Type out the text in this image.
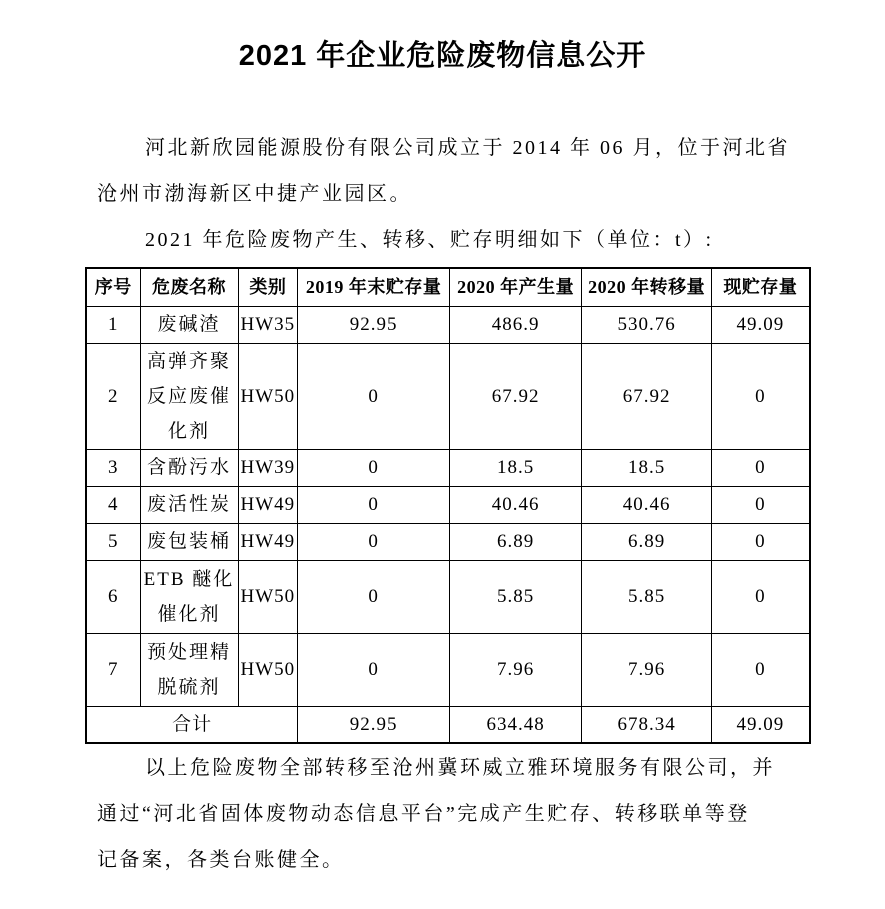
2021 年企业危险废物信息公开
河北新欣园能源股份有限公司成立于 2014 年 06 月，位于河北省
沧州市渤海新区中捷产业园区。
2021 年危险废物产生、转移、贮存明细如下（单位：t）:
序号	危废名称	类别	2019 年末贮存量	2020 年产生量	2020 年转移量	现贮存量
1	废碱渣	HW35	92.95	486.9	530.76	49.09
2	高弹齐聚反应废催化剂	HW50	0	67.92	67.92	0
3	含酚污水	HW39	0	18.5	18.5	0
4	废活性炭	HW49	0	40.46	40.46	0
5	废包装桶	HW49	0	6.89	6.89	0
6	ETB 醚化催化剂	HW50	0	5.85	5.85	0
7	预处理精脱硫剂	HW50	0	7.96	7.96	0
合计			92.95	634.48	678.34	49.09
以上危险废物全部转移至沧州冀环威立雅环境服务有限公司，并
通过“河北省固体废物动态信息平台”完成产生贮存、转移联单等登
记备案，各类台账健全。
